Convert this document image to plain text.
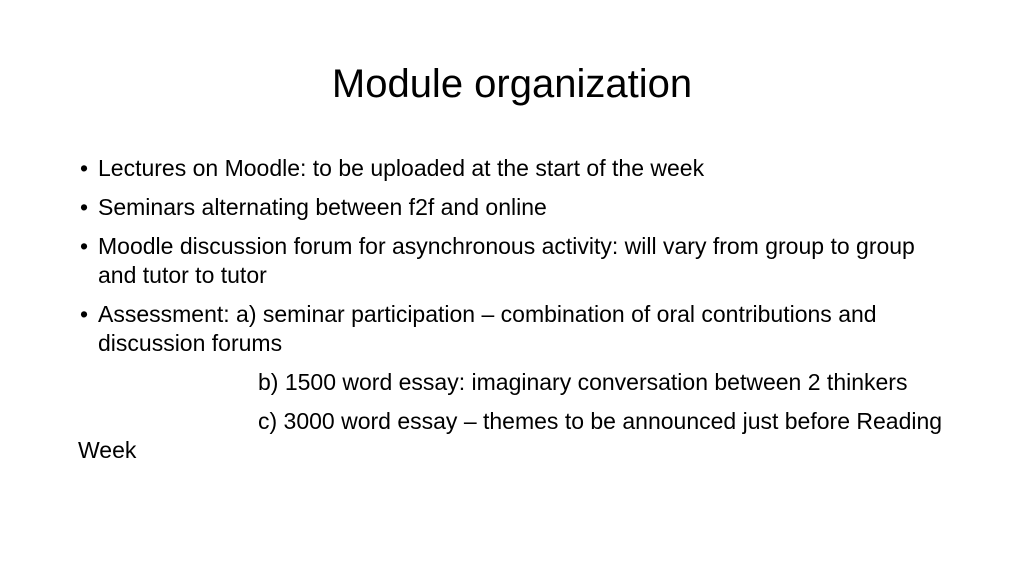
Module organization
• Lectures on Moodle: to be uploaded at the start of the week
• Seminars alternating between f2f and online
• Moodle discussion forum for asynchronous activity: will vary from group to group and tutor to tutor
• Assessment: a) seminar participation – combination of oral contributions and discussion forums
b) 1500 word essay: imaginary conversation between 2 thinkers
c) 3000 word essay – themes to be announced just before Reading Week
